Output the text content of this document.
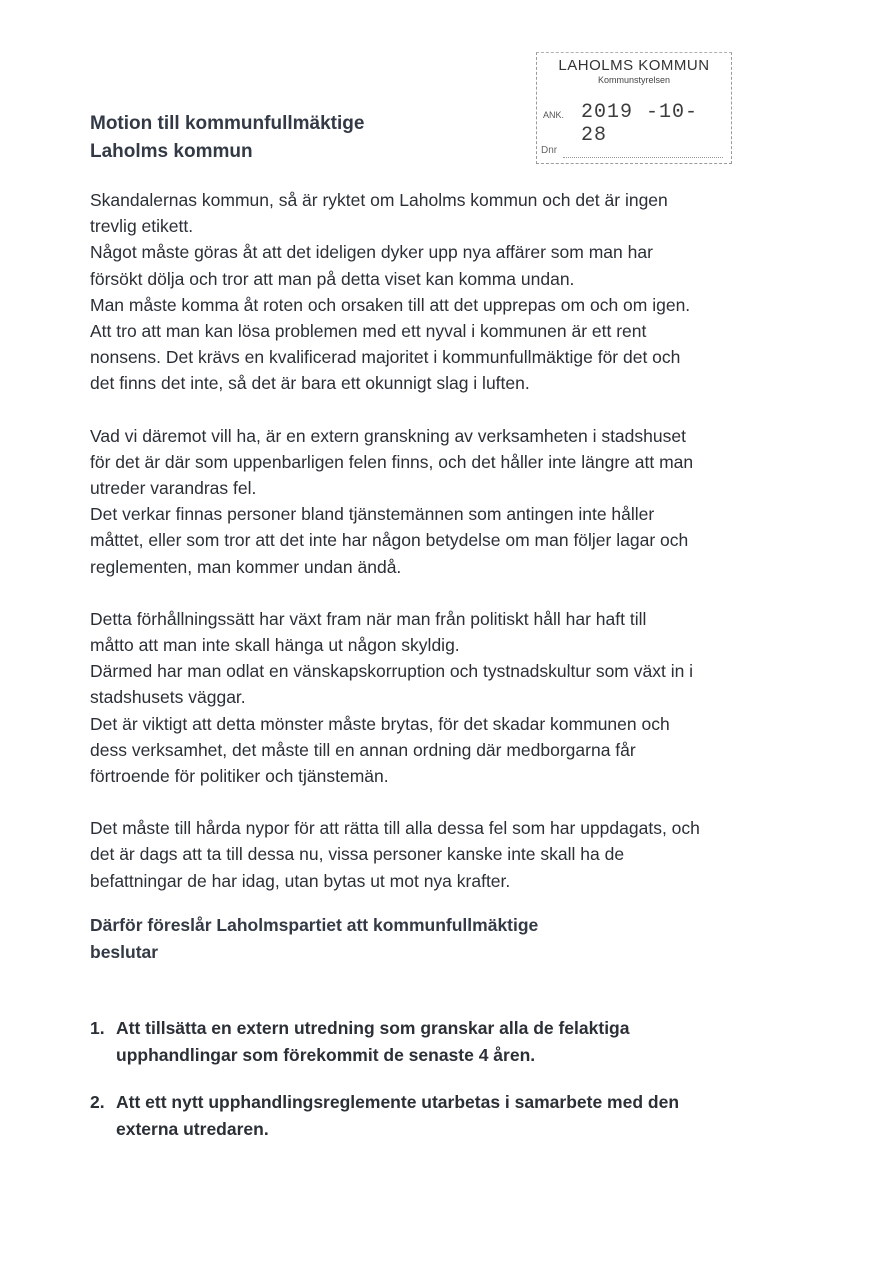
Motion till kommunfullmäktige
Laholms kommun
LAHOLMS KOMMUN
Kommunstyrelsen
ANK. 2019 -10- 28
Dnr
Skandalernas kommun, så är ryktet om Laholms kommun och det är ingen
trevlig etikett.
Något måste göras åt att det ideligen dyker upp nya affärer som man har
försökt dölja och tror att man på detta viset kan komma undan.
Man måste komma åt roten och orsaken till att det upprepas om och om igen.
Att tro att man kan lösa problemen med ett nyval i kommunen är ett rent
nonsens. Det krävs en kvalificerad majoritet i kommunfullmäktige för det och
det finns det inte, så det är bara ett okunnigt slag i luften.
Vad vi däremot vill ha, är en extern granskning av verksamheten i stadshuset
för det är där som uppenbarligen felen finns, och det håller inte längre att man
utreder varandras fel.
Det verkar finnas personer bland tjänstemännen som antingen inte håller
måttet, eller som tror att det inte har någon betydelse om man följer lagar och
reglementen, man kommer undan ändå.
Detta förhållningssätt har växt fram när man från politiskt håll har haft till
måtto att man inte skall hänga ut någon skyldig.
Därmed har man odlat en vänskapskorruption och tystnadskultur som växt in i
stadshusets väggar.
Det är viktigt att detta mönster måste brytas, för det skadar kommunen och
dess verksamhet, det måste till en annan ordning där medborgarna får
förtroende för politiker och tjänstemän.
Det måste till hårda nypor för att rätta till alla dessa fel som har uppdagats, och
det är dags att ta till dessa nu, vissa personer kanske inte skall ha de
befattningar de har idag, utan bytas ut mot nya krafter.
Därför föreslår Laholmspartiet att kommunfullmäktige
beslutar
1. Att tillsätta en extern utredning som granskar alla de felaktiga
upphandlingar som förekommit de senaste 4 åren.
2. Att ett nytt upphandlingsreglemente utarbetas i samarbete med den
externa utredaren.
